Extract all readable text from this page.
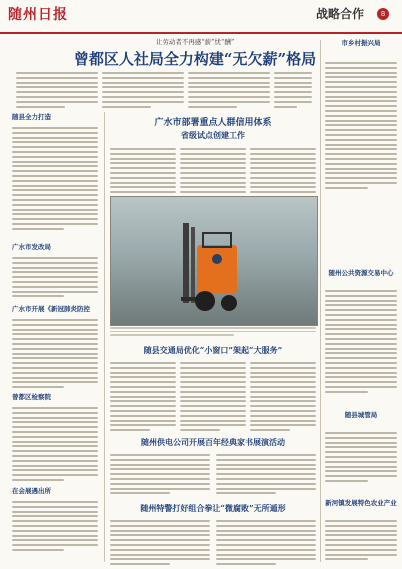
随州日报	战略合作	8

让劳动者不再感“薪”忧“酬”

曾都区人社局全力构建“无欠薪”格局

随县全力打造

广水市发改局

广水市开展《新冠肺炎防控

曾都区检察院

在会展遇出所

广水市部署重点人群信用体系

省级试点创建工作

随县交通局优化“小窗口”架起“大服务”

随州供电公司开展百年经典家书展演活动

随州特警打好组合拳让“微腐败”无所遁形

市乡村振兴局

随州公共资源交易中心

随县城管局

新河镇发展特色农业产业
